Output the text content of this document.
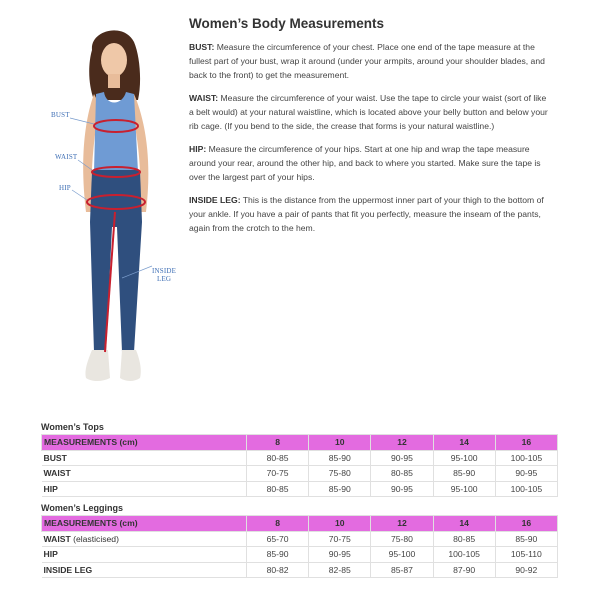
BUST
WAIST
HIP
INSIDE
LEG
Women’s Body Measurements

BUST: Measure the circumference of your chest. Place one end of the tape measure at the fullest part of your bust, wrap it around (under your armpits, around your shoulder blades, and back to the front) to get the measurement.

WAIST: Measure the circumference of your waist. Use the tape to circle your waist (sort of like a belt would) at your natural waistline, which is located above your belly button and below your rib cage. (If you bend to the side, the crease that forms is your natural waistline.)

HIP: Measure the circumference of your hips. Start at one hip and wrap the tape measure around your rear, around the other hip, and back to where you started. Make sure the tape is over the largest part of your hips.

INSIDE LEG: This is the distance from the uppermost inner part of your thigh to the bottom of your ankle. If you have a pair of pants that fit you perfectly, measure the inseam of the pants, again from the crotch to the hem.

Women’s Tops
MEASUREMENTS (cm)	8	10	12	14	16
BUST	80-85	85-90	90-95	95-100	100-105
WAIST	70-75	75-80	80-85	85-90	90-95
HIP	80-85	85-90	90-95	95-100	100-105
Women’s Leggings
MEASUREMENTS (cm)	8	10	12	14	16
WAIST (elasticised)	65-70	70-75	75-80	80-85	85-90
HIP	85-90	90-95	95-100	100-105	105-110
INSIDE LEG	80-82	82-85	85-87	87-90	90-92
